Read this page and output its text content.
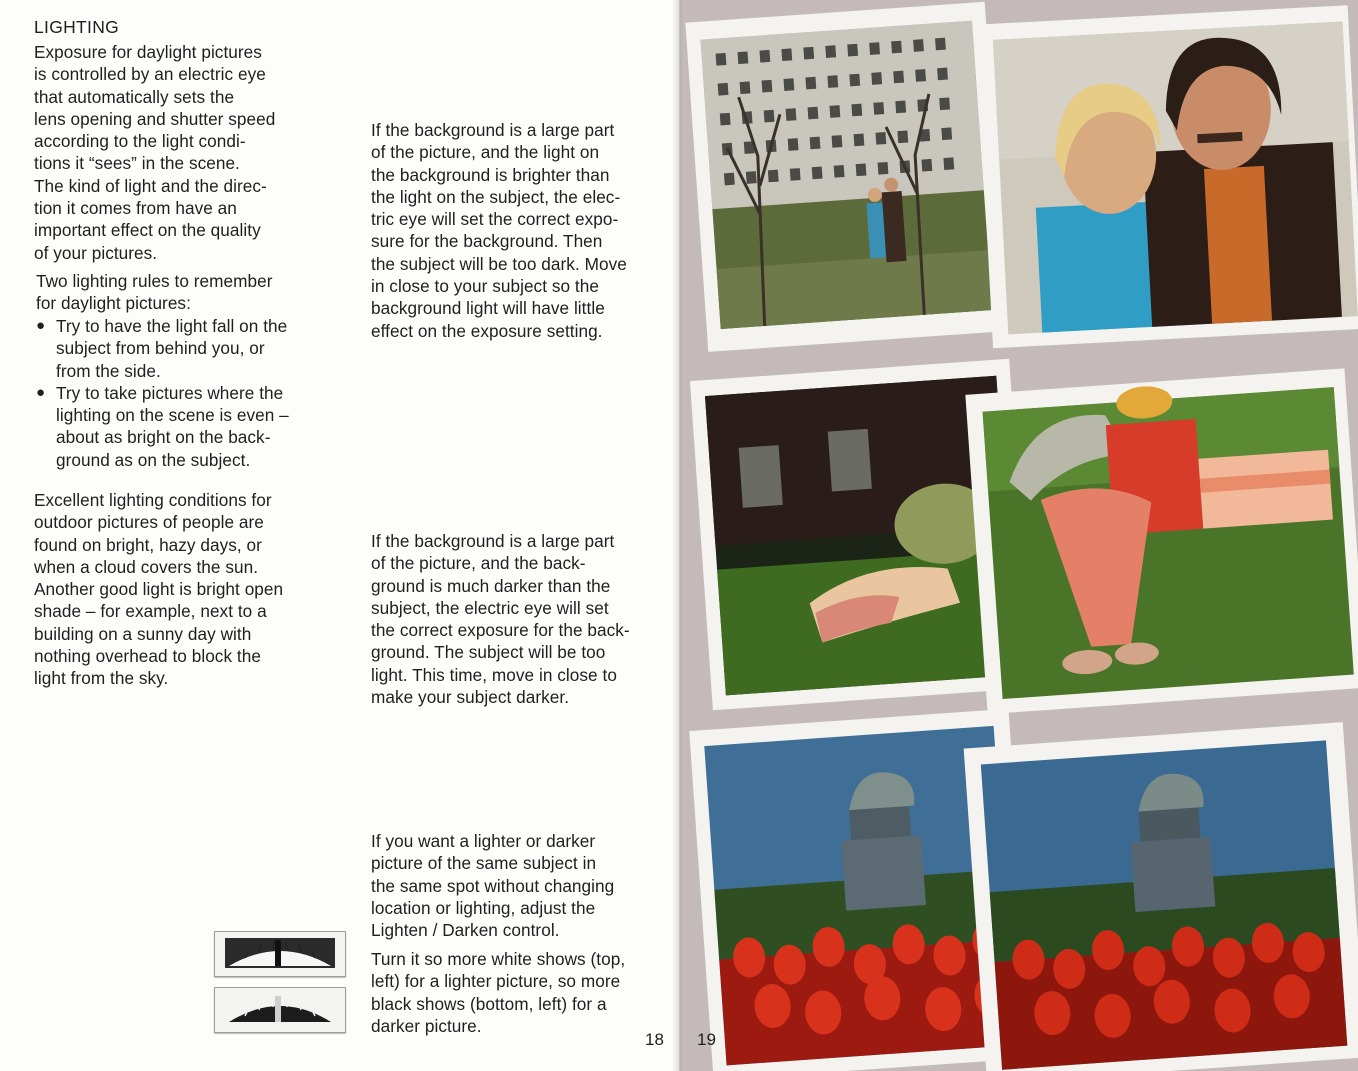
LIGHTING
Exposure for daylight pictures
is controlled by an electric eye
that automatically sets the
lens opening and shutter speed
according to the light condi-
tions it “sees” in the scene.
The kind of light and the direc-
tion it comes from have an
important effect on the quality
of your pictures.
Two lighting rules to remember
for daylight pictures:
● Try to have the light fall on the
subject from behind you, or
from the side.
● Try to take pictures where the
lighting on the scene is even –
about as bright on the back-
ground as on the subject.
Excellent lighting conditions for
outdoor pictures of people are
found on bright, hazy days, or
when a cloud covers the sun.
Another good light is bright open
shade – for example, next to a
building on a sunny day with
nothing overhead to block the
light from the sky.
If the background is a large part
of the picture, and the light on
the background is brighter than
the light on the subject, the elec-
tric eye will set the correct expo-
sure for the background. Then
the subject will be too dark. Move
in close to your subject so the
background light will have little
effect on the exposure setting.
If the background is a large part
of the picture, and the back-
ground is much darker than the
subject, the electric eye will set
the correct exposure for the back-
ground. The subject will be too
light. This time, move in close to
make your subject darker.
If you want a lighter or darker
picture of the same subject in
the same spot without changing
location or lighting, adjust the
Lighten / Darken control.
Turn it so more white shows (top,
left) for a lighter picture, so more
black shows (bottom, left) for a
darker picture.
18 19
